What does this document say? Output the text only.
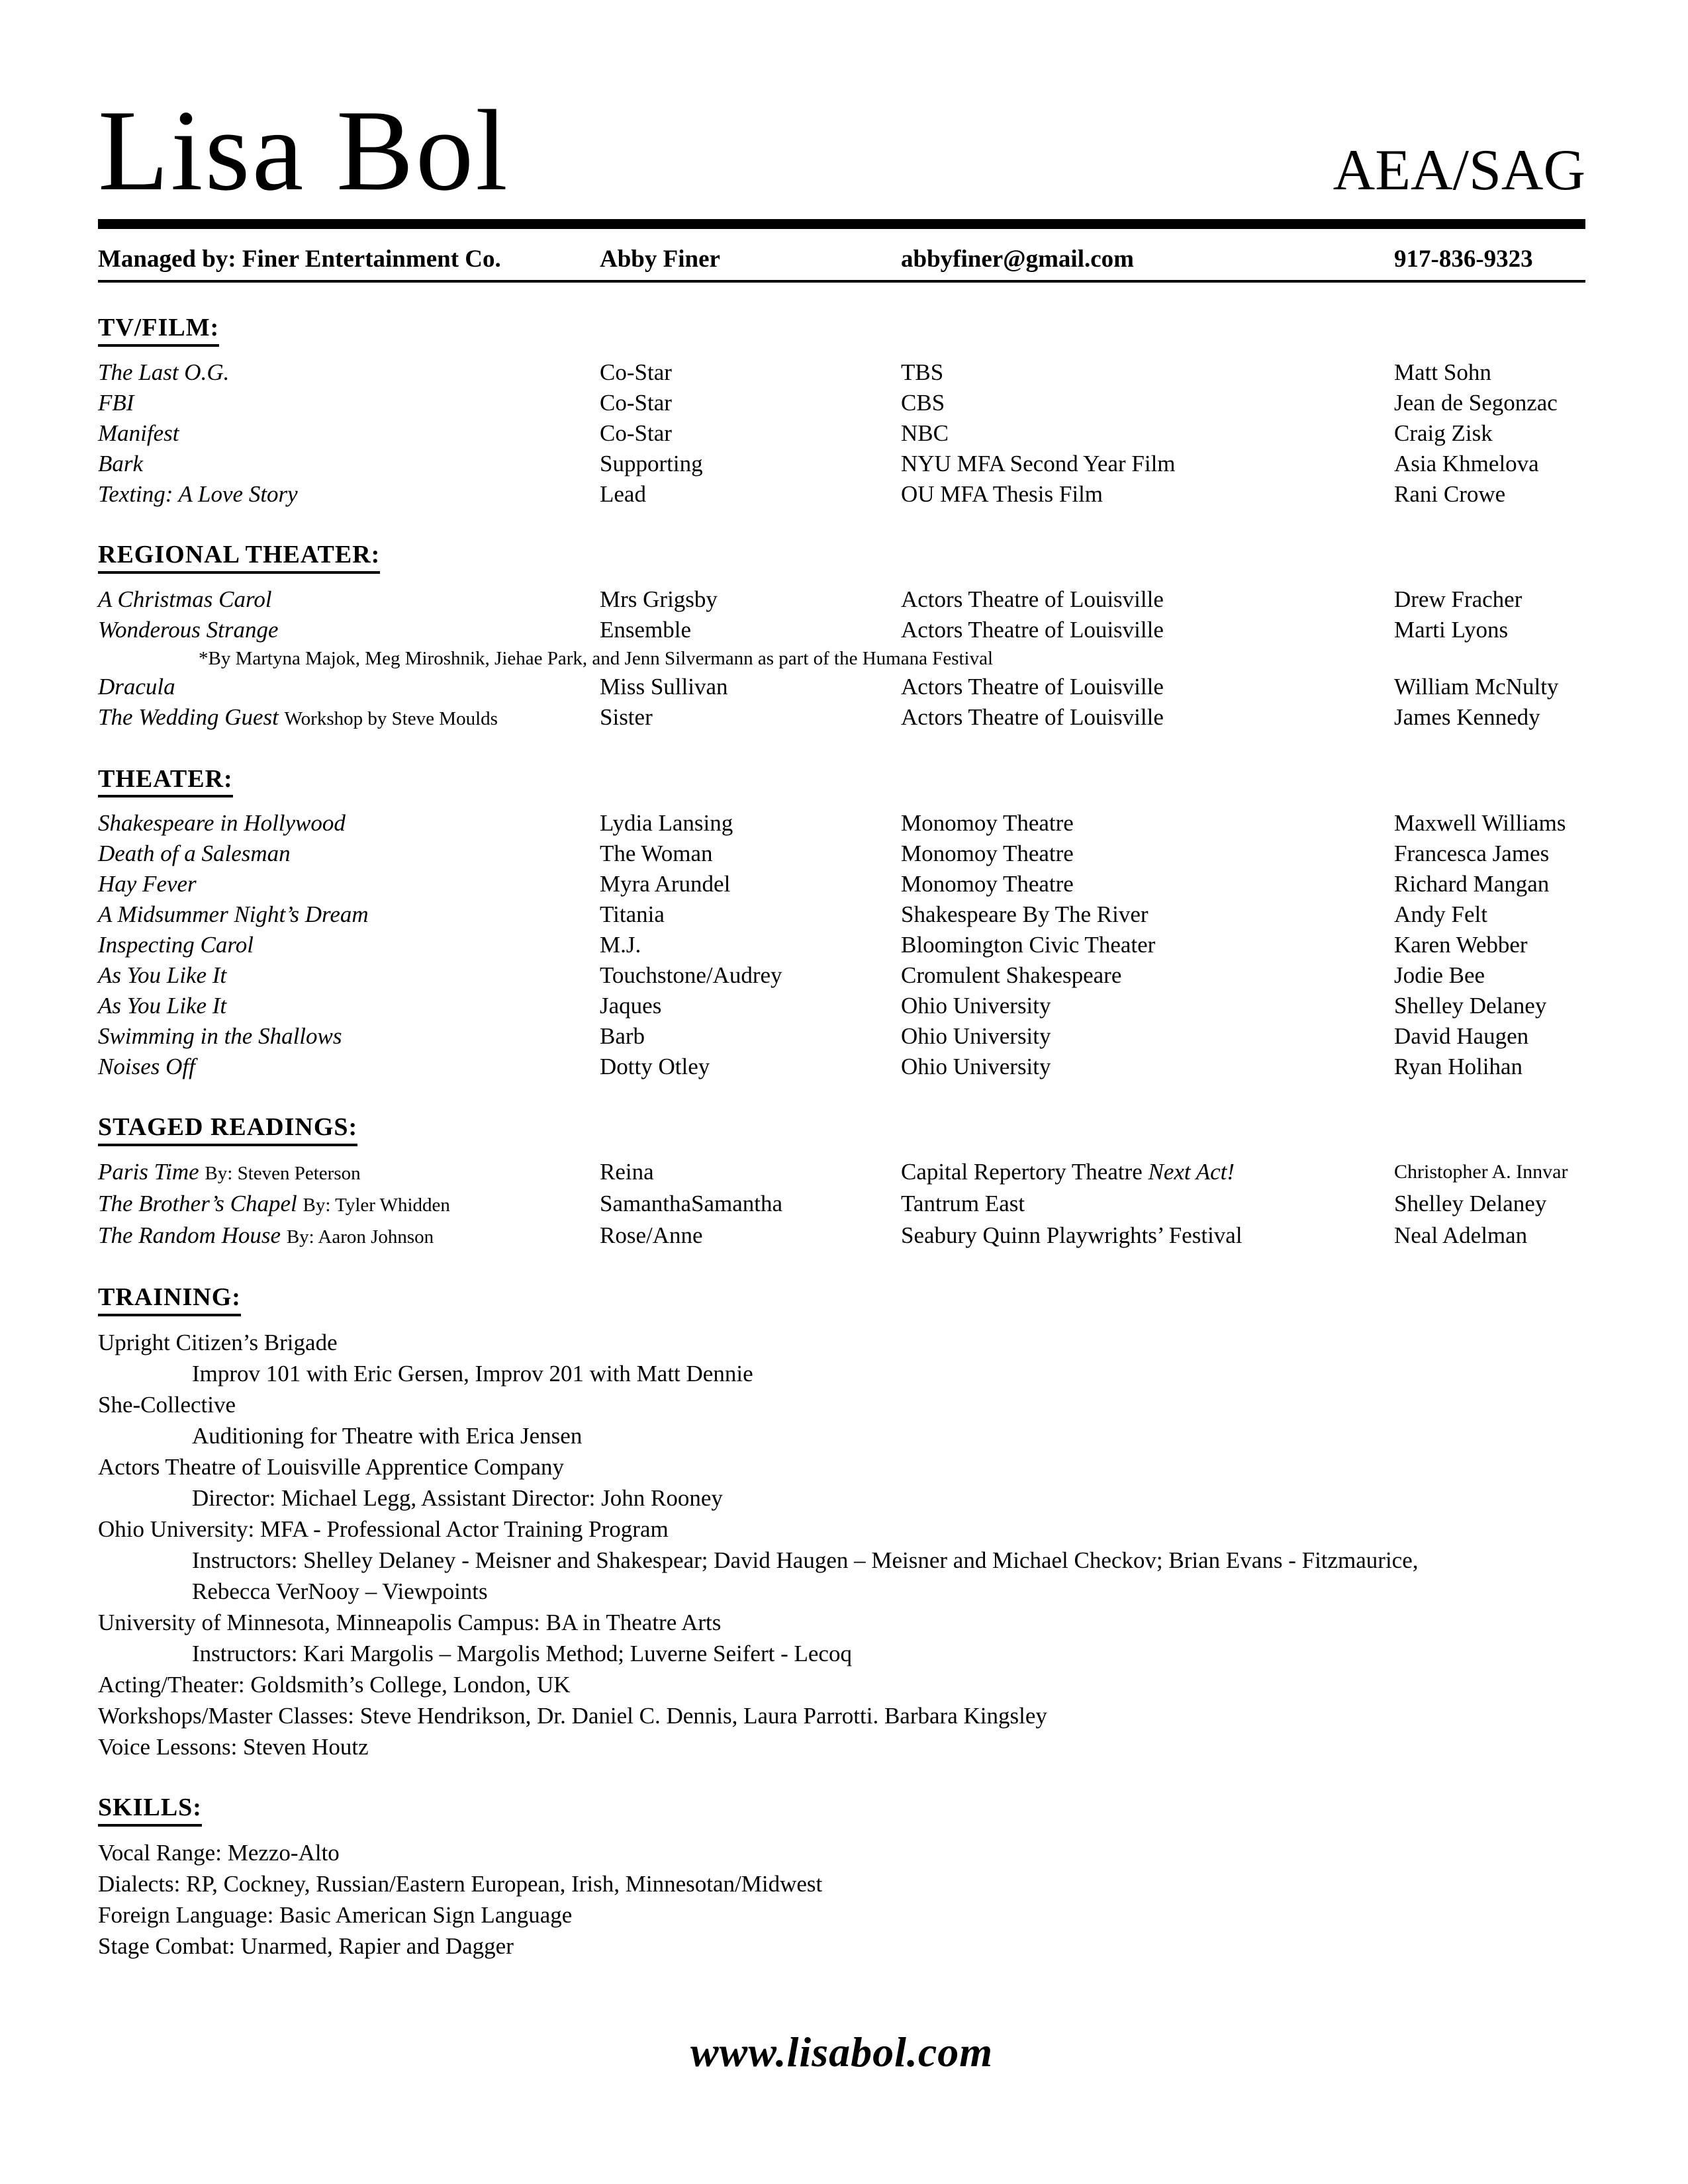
Lisa Bol	AEA/SAG
Managed by: Finer Entertainment Co.	Abby Finer	abbyfiner@gmail.com	917-836-9323
TV/FILM:
The Last O.G.	Co-Star	TBS	Matt Sohn
FBI	Co-Star	CBS	Jean de Segonzac
Manifest	Co-Star	NBC	Craig Zisk
Bark	Supporting	NYU MFA Second Year Film	Asia Khmelova
Texting: A Love Story	Lead	OU MFA Thesis Film	Rani Crowe
REGIONAL THEATER:
A Christmas Carol	Mrs Grigsby	Actors Theatre of Louisville	Drew Fracher
Wonderous Strange	Ensemble	Actors Theatre of Louisville	Marti Lyons
*By Martyna Majok, Meg Miroshnik, Jiehae Park, and Jenn Silvermann as part of the Humana Festival
Dracula	Miss Sullivan	Actors Theatre of Louisville	William McNulty
The Wedding Guest Workshop by Steve Moulds	Sister	Actors Theatre of Louisville	James Kennedy
THEATER:
Shakespeare in Hollywood	Lydia Lansing	Monomoy Theatre	Maxwell Williams
Death of a Salesman	The Woman	Monomoy Theatre	Francesca James
Hay Fever	Myra Arundel	Monomoy Theatre	Richard Mangan
A Midsummer Night’s Dream	Titania	Shakespeare By The River	Andy Felt
Inspecting Carol	M.J.	Bloomington Civic Theater	Karen Webber
As You Like It	Touchstone/Audrey	Cromulent Shakespeare	Jodie Bee
As You Like It	Jaques	Ohio University	Shelley Delaney
Swimming in the Shallows	Barb	Ohio University	David Haugen
Noises Off	Dotty Otley	Ohio University	Ryan Holihan
STAGED READINGS:
Paris Time By: Steven Peterson	Reina	Capital Repertory Theatre Next Act!	Christopher A. Innvar
The Brother’s Chapel By: Tyler Whidden	SamanthaSamantha	Tantrum East	Shelley Delaney
The Random House By: Aaron Johnson	Rose/Anne	Seabury Quinn Playwrights’ Festival	Neal Adelman
TRAINING:
Upright Citizen’s Brigade
Improv 101 with Eric Gersen, Improv 201 with Matt Dennie
She-Collective
Auditioning for Theatre with Erica Jensen
Actors Theatre of Louisville Apprentice Company
Director: Michael Legg, Assistant Director: John Rooney
Ohio University: MFA - Professional Actor Training Program
Instructors: Shelley Delaney - Meisner and Shakespear; David Haugen – Meisner and Michael Checkov; Brian Evans - Fitzmaurice,
Rebecca VerNooy – Viewpoints
University of Minnesota, Minneapolis Campus: BA in Theatre Arts
Instructors: Kari Margolis – Margolis Method; Luverne Seifert - Lecoq
Acting/Theater: Goldsmith’s College, London, UK
Workshops/Master Classes: Steve Hendrikson, Dr. Daniel C. Dennis, Laura Parrotti. Barbara Kingsley
Voice Lessons: Steven Houtz
SKILLS:
Vocal Range: Mezzo-Alto
Dialects: RP, Cockney, Russian/Eastern European, Irish, Minnesotan/Midwest
Foreign Language: Basic American Sign Language
Stage Combat: Unarmed, Rapier and Dagger
www.lisabol.com
